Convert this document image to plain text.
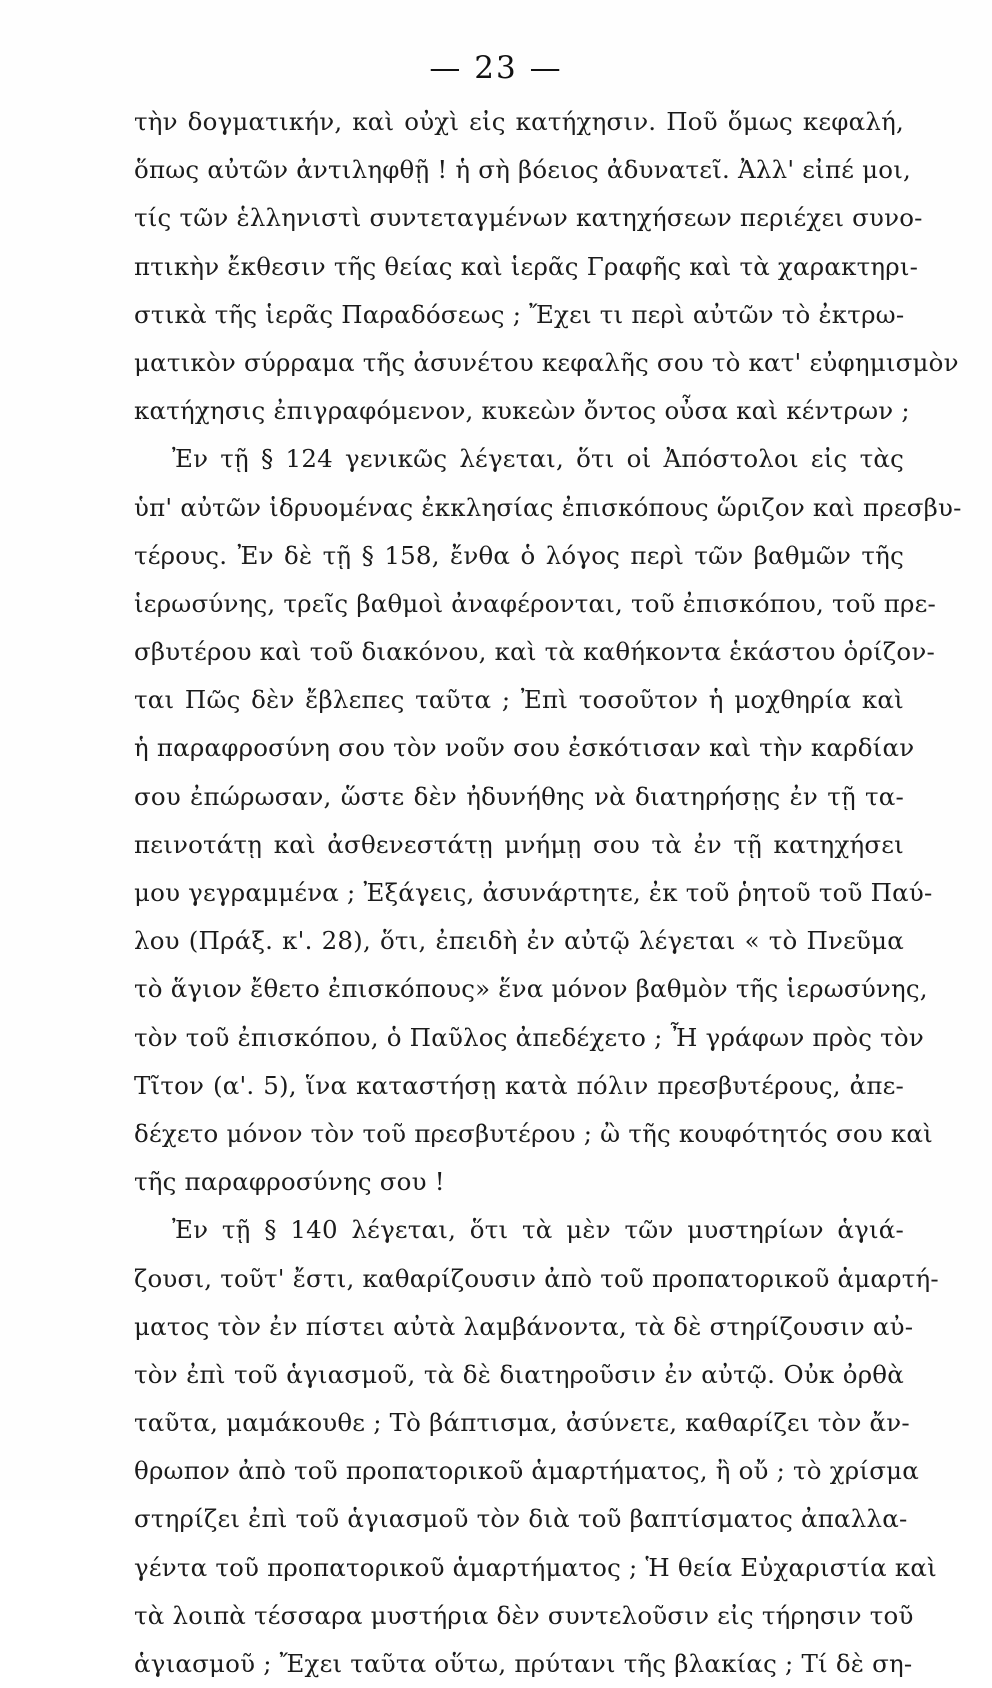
— 23 —
τὴν δογματικήν, καὶ οὐχὶ εἰς κατήχησιν. Ποῦ ὅμως κεφαλή,
ὅπως αὐτῶν ἀντιληφθῇ ! ἡ σὴ βόειος ἀδυνατεῖ. Ἀλλ' εἰπέ μοι,
τίς τῶν ἑλληνιστὶ συντεταγμένων κατηχήσεων περιέχει συνο-
πτικὴν ἔκθεσιν τῆς θείας καὶ ἱερᾶς Γραφῆς καὶ τὰ χαρακτηρι-
στικὰ τῆς ἱερᾶς Παραδόσεως ; Ἔχει τι περὶ αὐτῶν τὸ ἐκτρω-
ματικὸν σύρραμα τῆς ἀσυνέτου κεφαλῆς σου τὸ κατ' εὐφημισμὸν
κατήχησις ἐπιγραφόμενον, κυκεὼν ὄντος οὖσα καὶ κέντρων ;
Ἐν τῇ § 124 γενικῶς λέγεται, ὅτι οἱ Ἀπόστολοι εἰς τὰς
ὑπ' αὐτῶν ἱδρυομένας ἐκκλησίας ἐπισκόπους ὥριζον καὶ πρεσβυ-
τέρους. Ἐν δὲ τῇ § 158, ἔνθα ὁ λόγος περὶ τῶν βαθμῶν τῆς
ἱερωσύνης, τρεῖς βαθμοὶ ἀναφέρονται, τοῦ ἐπισκόπου, τοῦ πρε-
σβυτέρου καὶ τοῦ διακόνου, καὶ τὰ καθήκοντα ἑκάστου ὁρίζον-
ται Πῶς δὲν ἔβλεπες ταῦτα ; Ἐπὶ τοσοῦτον ἡ μοχθηρία καὶ
ἡ παραφροσύνη σου τὸν νοῦν σου ἐσκότισαν καὶ τὴν καρδίαν
σου ἐπώρωσαν, ὥστε δὲν ἠδυνήθης νὰ διατηρήσῃς ἐν τῇ τα-
πεινοτάτῃ καὶ ἀσθενεστάτῃ μνήμῃ σου τὰ ἐν τῇ κατηχήσει
μου γεγραμμένα ; Ἐξάγεις, ἀσυνάρτητε, ἐκ τοῦ ῥητοῦ τοῦ Παύ-
λου (Πράξ. κ'. 28), ὅτι, ἐπειδὴ ἐν αὐτῷ λέγεται « τὸ Πνεῦμα
τὸ ἅγιον ἔθετο ἐπισκόπους» ἕνα μόνον βαθμὸν τῆς ἱερωσύνης,
τὸν τοῦ ἐπισκόπου, ὁ Παῦλος ἀπεδέχετο ; Ἦ γράφων πρὸς τὸν
Τῖτον (α'. 5), ἵνα καταστήσῃ κατὰ πόλιν πρεσβυτέρους, ἀπε-
δέχετο μόνον τὸν τοῦ πρεσβυτέρου ; ὢ τῆς κουφότητός σου καὶ
τῆς παραφροσύνης σου !
Ἐν τῇ § 140 λέγεται, ὅτι τὰ μὲν τῶν μυστηρίων ἁγιά-
ζουσι, τοῦτ' ἔστι, καθαρίζουσιν ἀπὸ τοῦ προπατορικοῦ ἁμαρτή-
ματος τὸν ἐν πίστει αὐτὰ λαμβάνοντα, τὰ δὲ στηρίζουσιν αὐ-
τὸν ἐπὶ τοῦ ἁγιασμοῦ, τὰ δὲ διατηροῦσιν ἐν αὐτῷ. Οὐκ ὀρθὰ
ταῦτα, μαμάκουθε ; Τὸ βάπτισμα, ἀσύνετε, καθαρίζει τὸν ἄν-
θρωπον ἀπὸ τοῦ προπατορικοῦ ἁμαρτήματος, ἢ οὔ ; τὸ χρίσμα
στηρίζει ἐπὶ τοῦ ἁγιασμοῦ τὸν διὰ τοῦ βαπτίσματος ἀπαλλα-
γέντα τοῦ προπατορικοῦ ἁμαρτήματος ; Ἡ θεία Εὐχαριστία καὶ
τὰ λοιπὰ τέσσαρα μυστήρια δὲν συντελοῦσιν εἰς τήρησιν τοῦ
ἁγιασμοῦ ; Ἔχει ταῦτα οὕτω, πρύτανι τῆς βλακίας ; Τί δὲ ση-
